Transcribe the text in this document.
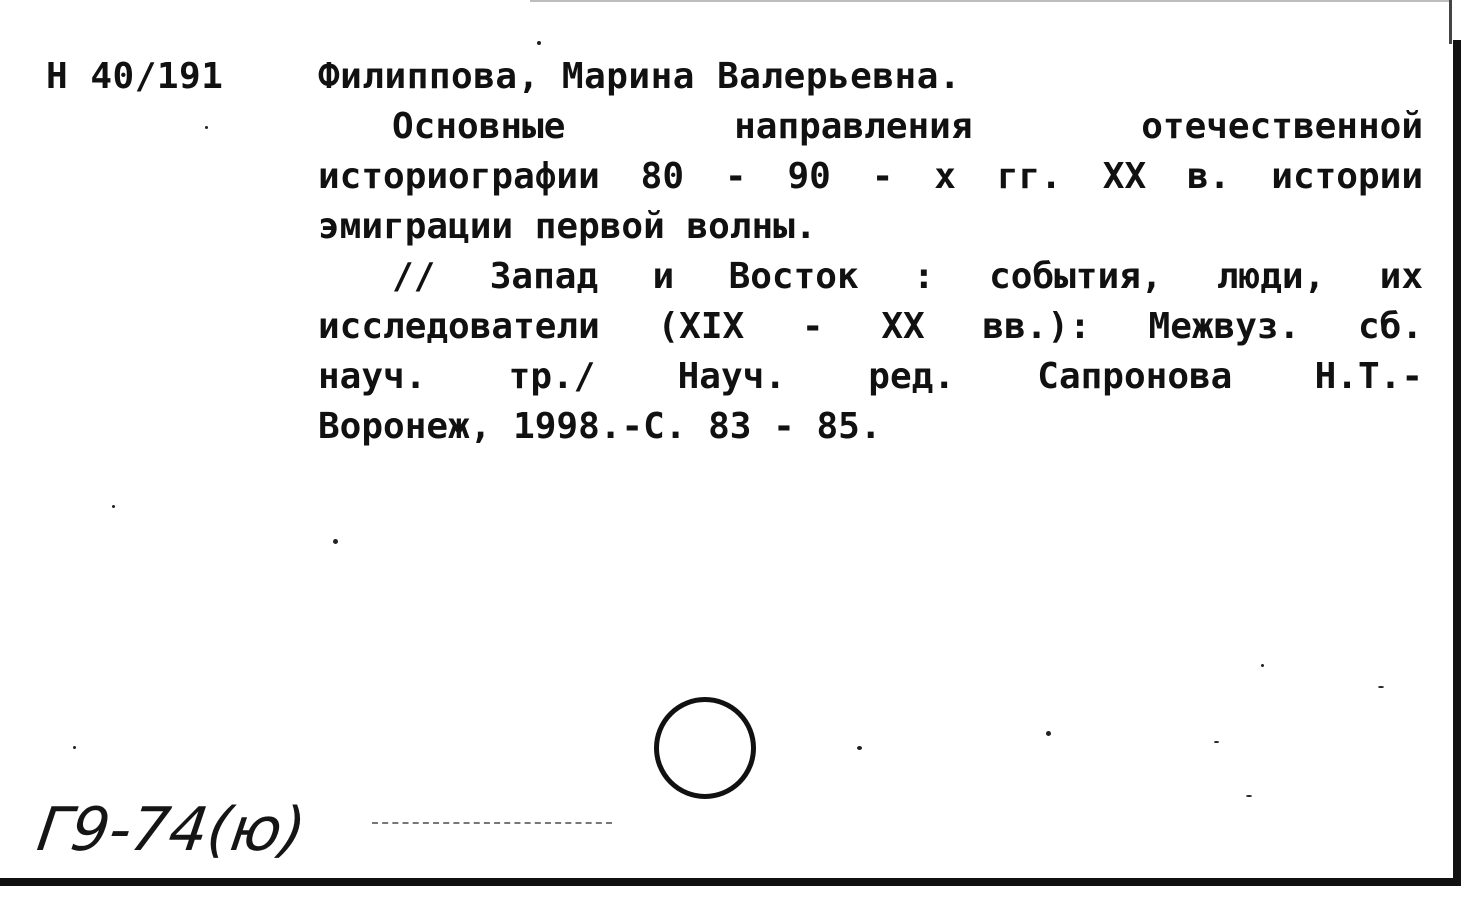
Н 40/191	Филиппова, Марина Валерьевна.
Основные направления отечественной
историографии 80 - 90 - х гг. XX в. истории
эмиграции первой волны.
// Запад и Восток : события, люди, их
исследователи (XIX - XX вв.): Межвуз. сб.
науч. тр./ Науч. ред. Сапронова Н.Т.-
Воронеж, 1998.-С. 83 - 85.
Г9-74(ю)
